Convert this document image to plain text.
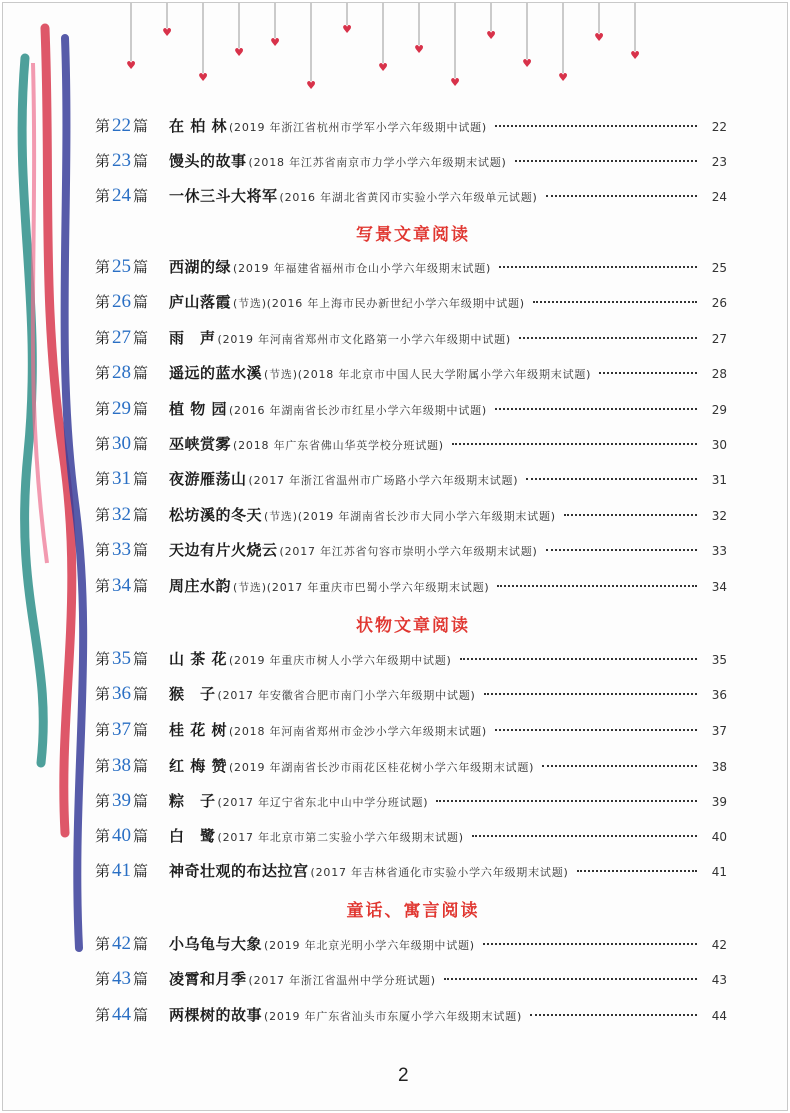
♥
♥
♥
♥
♥
♥
♥
♥
♥
♥
♥
♥
♥
♥
♥
第 22 篇	在 柏 林 (2019 年浙江省杭州市学军小学六年级期中试题)	22
第 23 篇	馒头的故事 (2018 年江苏省南京市力学小学六年级期末试题)	23
第 24 篇	一休三斗大将军 (2016 年湖北省黄冈市实验小学六年级单元试题)	24
写景文章阅读
第 25 篇	西湖的绿 (2019 年福建省福州市仓山小学六年级期末试题)	25
第 26 篇	庐山落霞 (节选)(2016 年上海市民办新世纪小学六年级期中试题)	26
第 27 篇	雨　声 (2019 年河南省郑州市文化路第一小学六年级期中试题)	27
第 28 篇	遥远的蓝水溪 (节选)(2018 年北京市中国人民大学附属小学六年级期末试题)	28
第 29 篇	植 物 园 (2016 年湖南省长沙市红星小学六年级期中试题)	29
第 30 篇	巫峡赏雾 (2018 年广东省佛山华英学校分班试题)	30
第 31 篇	夜游雁荡山 (2017 年浙江省温州市广场路小学六年级期末试题)	31
第 32 篇	松坊溪的冬天 (节选)(2019 年湖南省长沙市大同小学六年级期末试题)	32
第 33 篇	天边有片火烧云 (2017 年江苏省句容市崇明小学六年级期末试题)	33
第 34 篇	周庄水韵 (节选)(2017 年重庆市巴蜀小学六年级期末试题)	34
状物文章阅读
第 35 篇	山 茶 花 (2019 年重庆市树人小学六年级期中试题)	35
第 36 篇	猴　子 (2017 年安徽省合肥市南门小学六年级期中试题)	36
第 37 篇	桂 花 树 (2018 年河南省郑州市金沙小学六年级期末试题)	37
第 38 篇	红 梅 赞 (2019 年湖南省长沙市雨花区桂花树小学六年级期末试题)	38
第 39 篇	粽　子 (2017 年辽宁省东北中山中学分班试题)	39
第 40 篇	白　鹭 (2017 年北京市第二实验小学六年级期末试题)	40
第 41 篇	神奇壮观的布达拉宫 (2017 年吉林省通化市实验小学六年级期末试题)	41
童话、寓言阅读
第 42 篇	小乌龟与大象 (2019 年北京光明小学六年级期中试题)	42
第 43 篇	凌霄和月季 (2017 年浙江省温州中学分班试题)	43
第 44 篇	两棵树的故事 (2019 年广东省汕头市东厦小学六年级期末试题)	44
2
